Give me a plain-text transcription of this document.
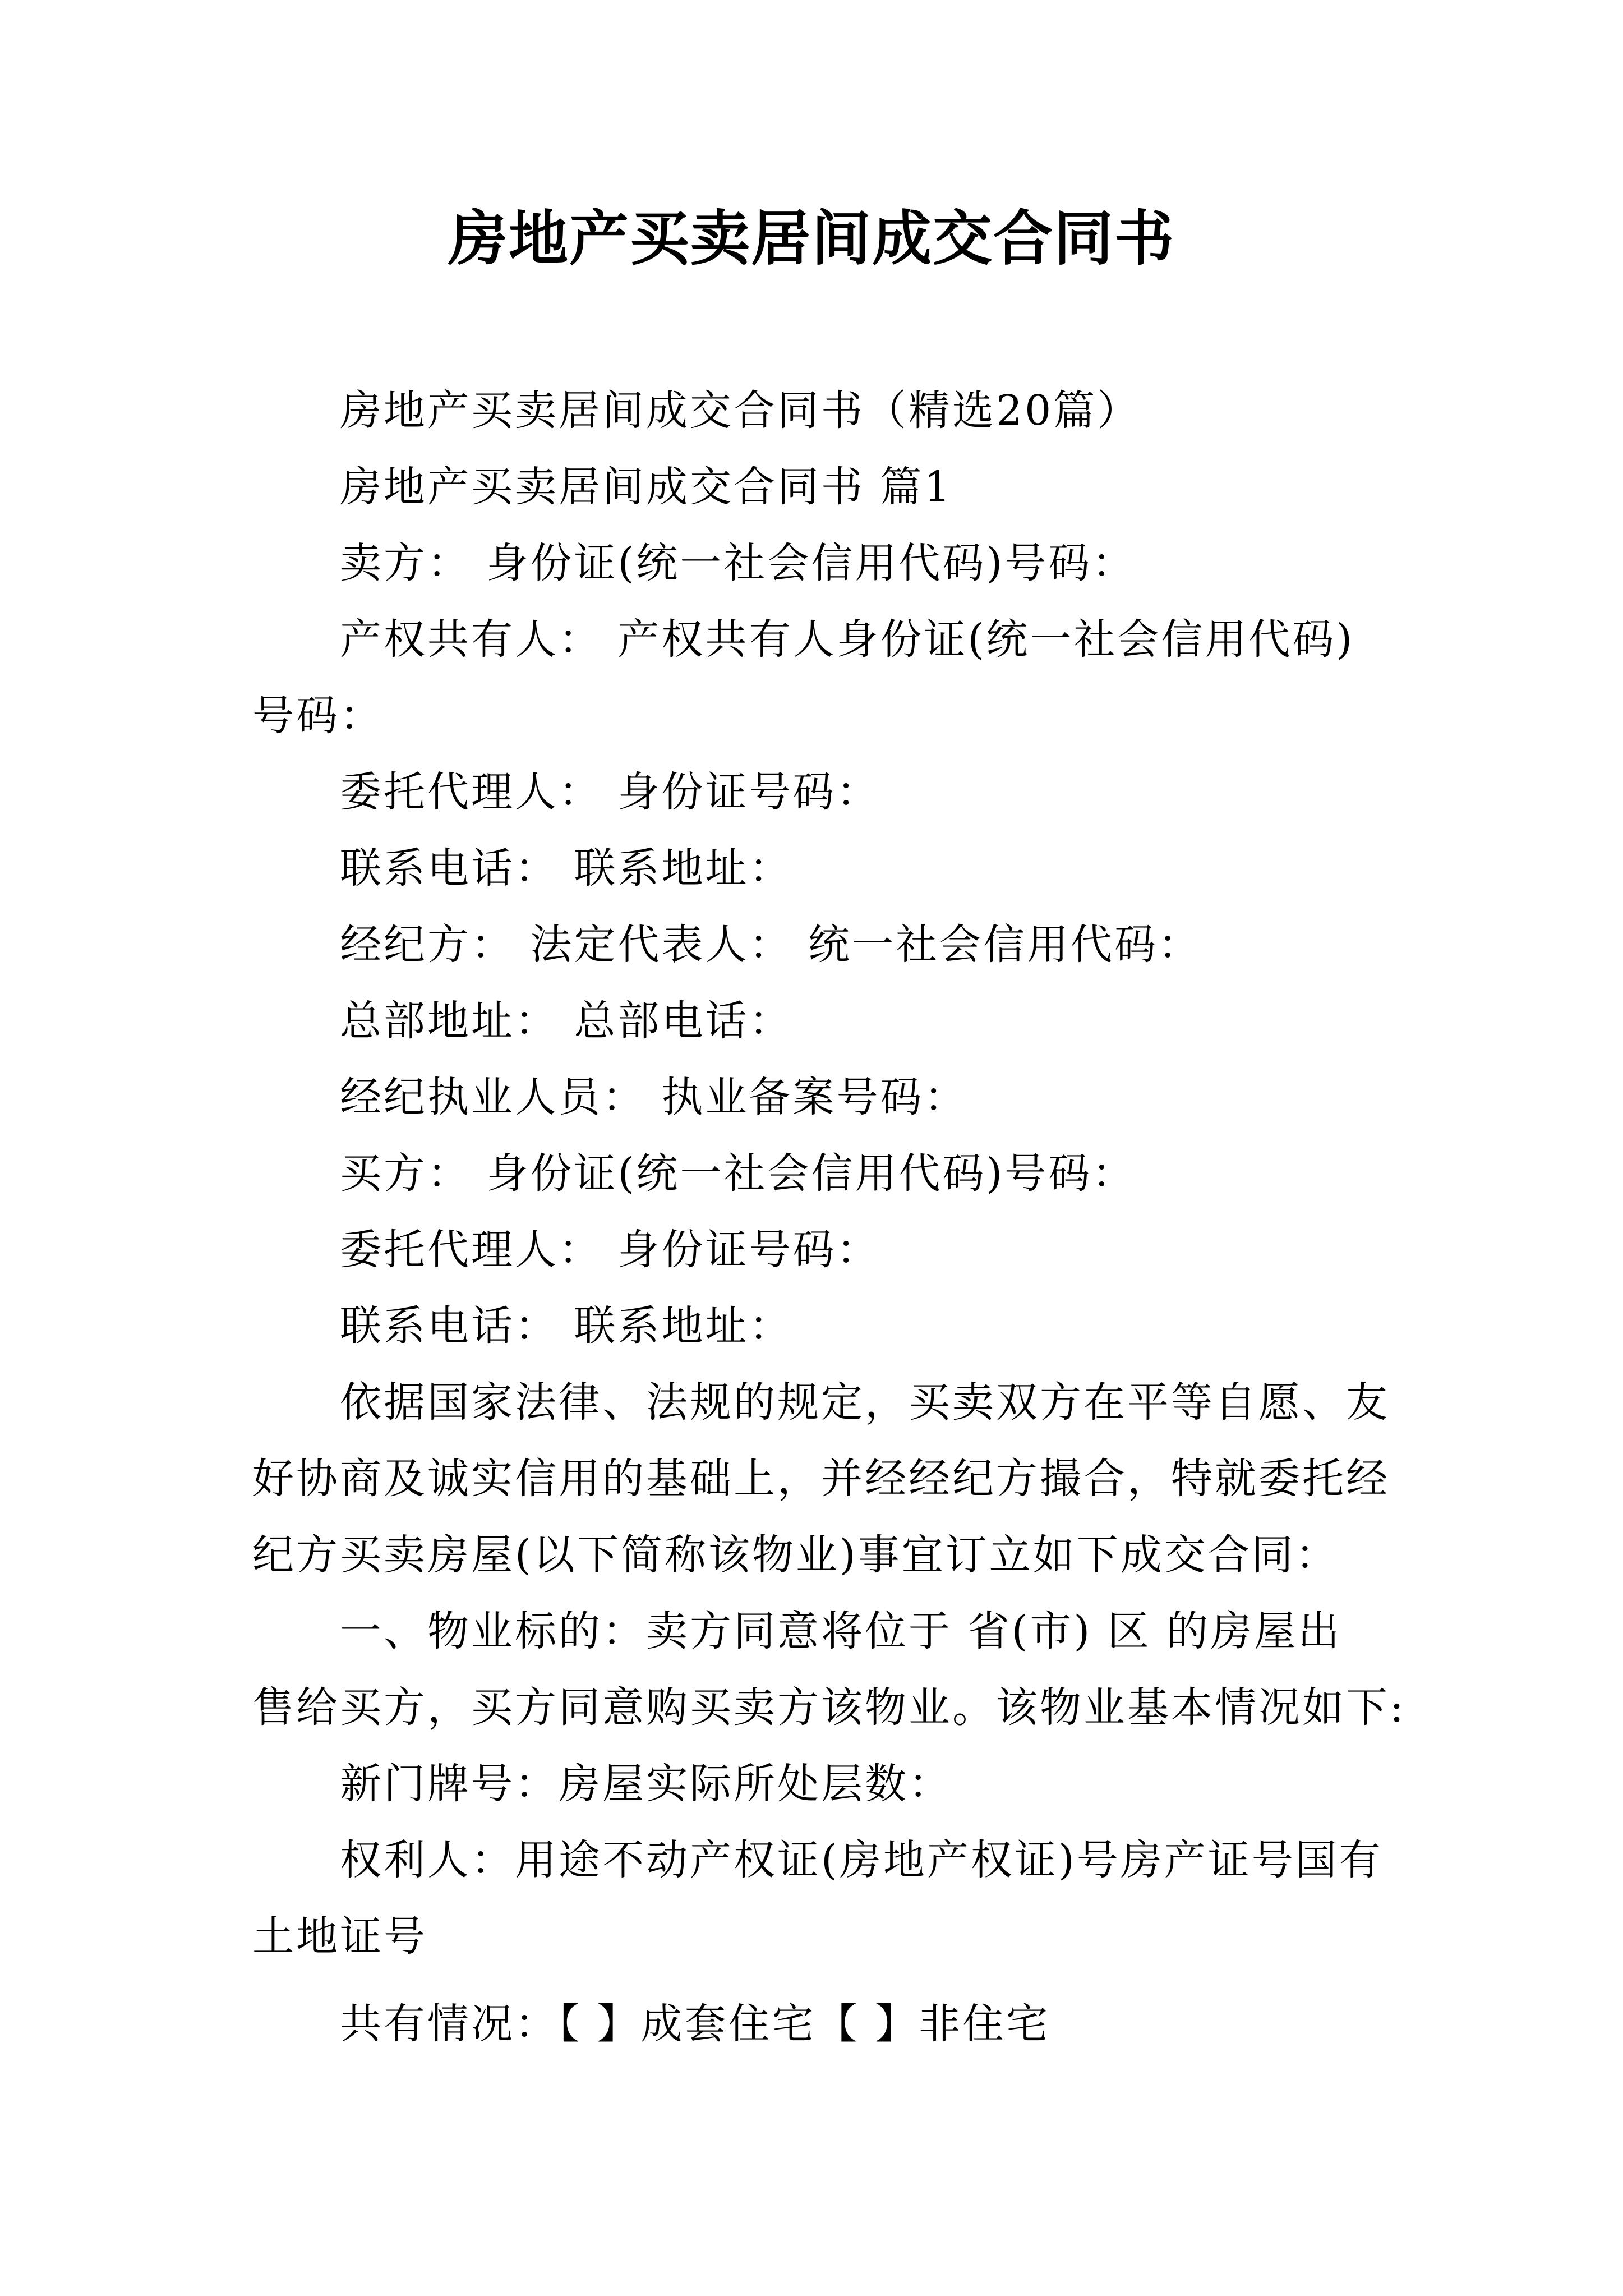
房地产买卖居间成交合同书
房地产买卖居间成交合同书（精选20篇）
房地产买卖居间成交合同书 篇1
卖方： 身份证(统一社会信用代码)号码：
产权共有人： 产权共有人身份证(统一社会信用代码)
号码：
委托代理人： 身份证号码：
联系电话： 联系地址：
经纪方： 法定代表人： 统一社会信用代码：
总部地址： 总部电话：
经纪执业人员： 执业备案号码：
买方： 身份证(统一社会信用代码)号码：
委托代理人： 身份证号码：
联系电话： 联系地址：
依据国家法律、法规的规定，买卖双方在平等自愿、友
好协商及诚实信用的基础上，并经经纪方撮合，特就委托经
纪方买卖房屋(以下简称该物业)事宜订立如下成交合同：
一、物业标的：卖方同意将位于 省(市) 区 的房屋出
售给买方，买方同意购买卖方该物业。该物业基本情况如下:
新门牌号：房屋实际所处层数：
权利人：用途不动产权证(房地产权证)号房产证号国有
土地证号
共有情况：【 】成套住宅【 】非住宅
